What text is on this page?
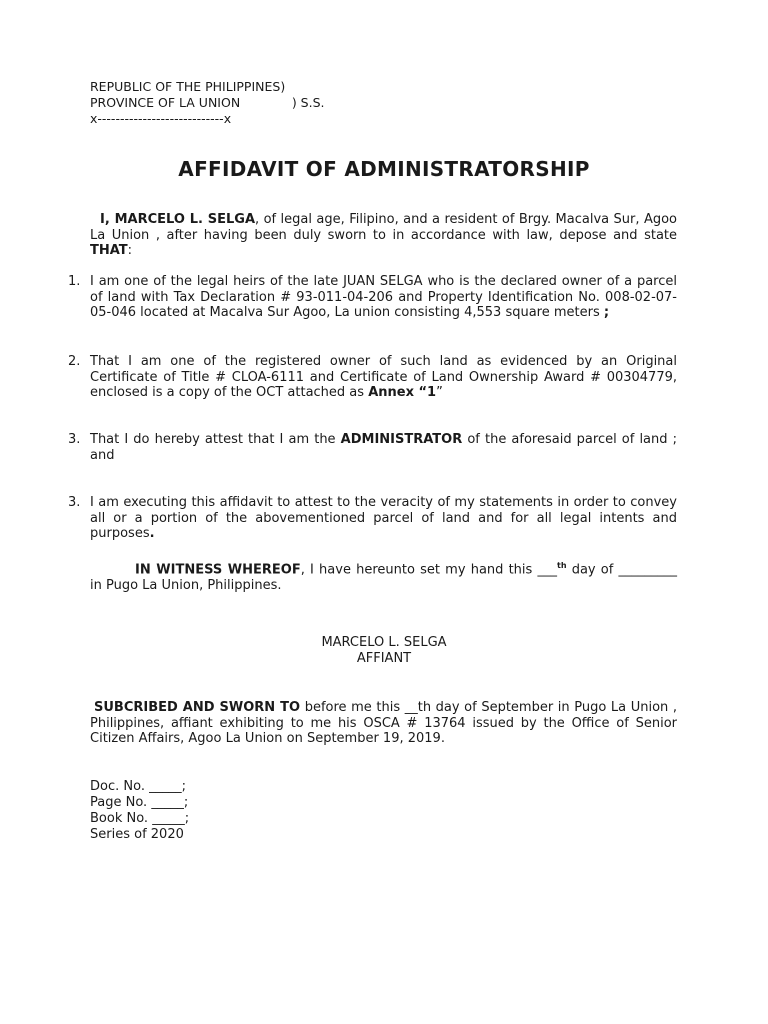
REPUBLIC OF THE PHILIPPINES)
PROVINCE OF LA UNION             ) S.S.
x----------------------------x
AFFIDAVIT OF ADMINISTRATORSHIP
I, MARCELO L. SELGA, of legal age, Filipino, and a resident of Brgy. Macalva Sur, Agoo La Union , after having been duly sworn to in accordance with law, depose and state THAT:
1. I am one of the legal heirs of the late JUAN SELGA who is the declared owner of a parcel of land with Tax Declaration # 93-011-04-206 and Property Identification No. 008-02-07-05-046 located at Macalva Sur Agoo, La union consisting 4,553 square meters ;
2. That I am one of the registered owner of such land as evidenced by an Original Certificate of Title # CLOA-6111 and Certificate of Land Ownership Award # 00304779, enclosed is a copy of the OCT attached as Annex “1”
3. That I do hereby attest that I am the ADMINISTRATOR of the aforesaid parcel of land ; and
3. I am executing this affidavit to attest to the veracity of my statements in order to convey all or a portion of the abovementioned parcel of land and for all legal intents and purposes.
IN WITNESS WHEREOF, I have hereunto set my hand this ___$^{th}$ day of _________ in Pugo La Union, Philippines.
MARCELO L. SELGA
AFFIANT
SUBCRIBED AND SWORN TO before me this __th day of September in Pugo La Union , Philippines, affiant exhibiting to me his OSCA # 13764 issued by the Office of Senior Citizen Affairs, Agoo La Union on September 19, 2019.
Doc. No. _____;
Page No. _____;
Book No. _____;
Series of 2020
